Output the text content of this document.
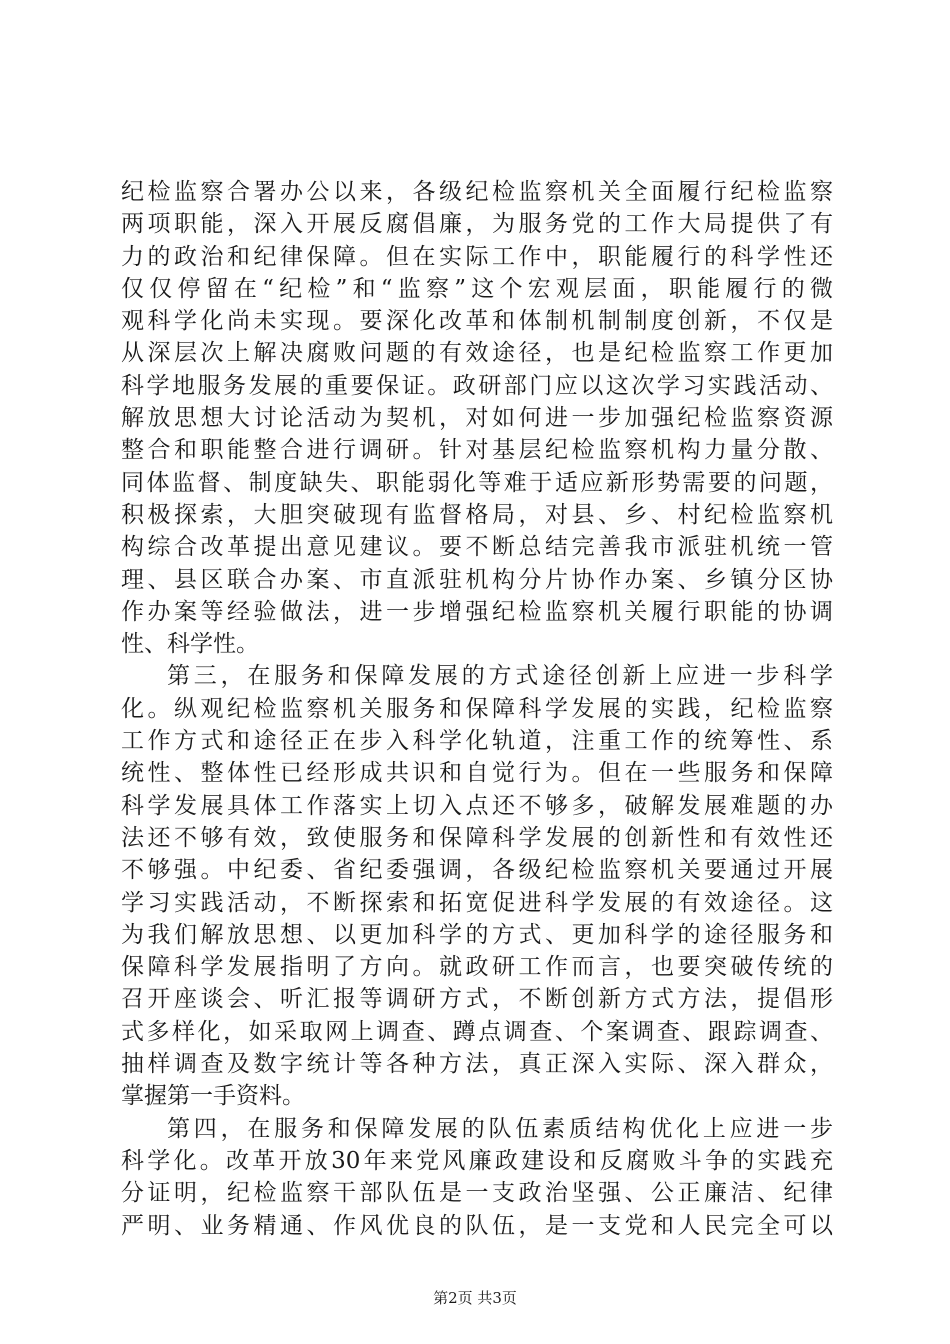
纪检监察合署办公以来，各级纪检监察机关全面履行纪检监察
两项职能，深入开展反腐倡廉，为服务党的工作大局提供了有
力的政治和纪律保障。但在实际工作中，职能履行的科学性还
仅仅停留在“纪检”和“监察”这个宏观层面，职能履行的微
观科学化尚未实现。要深化改革和体制机制制度创新，不仅是
从深层次上解决腐败问题的有效途径，也是纪检监察工作更加
科学地服务发展的重要保证。政研部门应以这次学习实践活动、
解放思想大讨论活动为契机，对如何进一步加强纪检监察资源
整合和职能整合进行调研。针对基层纪检监察机构力量分散、
同体监督、制度缺失、职能弱化等难于适应新形势需要的问题，
积极探索，大胆突破现有监督格局，对县、乡、村纪检监察机
构综合改革提出意见建议。要不断总结完善我市派驻机统一管
理、县区联合办案、市直派驻机构分片协作办案、乡镇分区协
作办案等经验做法，进一步增强纪检监察机关履行职能的协调
性、科学性。
第三，在服务和保障发展的方式途径创新上应进一步科学
化。纵观纪检监察机关服务和保障科学发展的实践，纪检监察
工作方式和途径正在步入科学化轨道，注重工作的统筹性、系
统性、整体性已经形成共识和自觉行为。但在一些服务和保障
科学发展具体工作落实上切入点还不够多，破解发展难题的办
法还不够有效，致使服务和保障科学发展的创新性和有效性还
不够强。中纪委、省纪委强调，各级纪检监察机关要通过开展
学习实践活动，不断探索和拓宽促进科学发展的有效途径。这
为我们解放思想、以更加科学的方式、更加科学的途径服务和
保障科学发展指明了方向。就政研工作而言，也要突破传统的
召开座谈会、听汇报等调研方式，不断创新方式方法，提倡形
式多样化，如采取网上调查、蹲点调查、个案调查、跟踪调查、
抽样调查及数字统计等各种方法，真正深入实际、深入群众，
掌握第一手资料。
第四，在服务和保障发展的队伍素质结构优化上应进一步
科学化。改革开放30年来党风廉政建设和反腐败斗争的实践充
分证明，纪检监察干部队伍是一支政治坚强、公正廉洁、纪律
严明、业务精通、作风优良的队伍，是一支党和人民完全可以
第2页 共3页
